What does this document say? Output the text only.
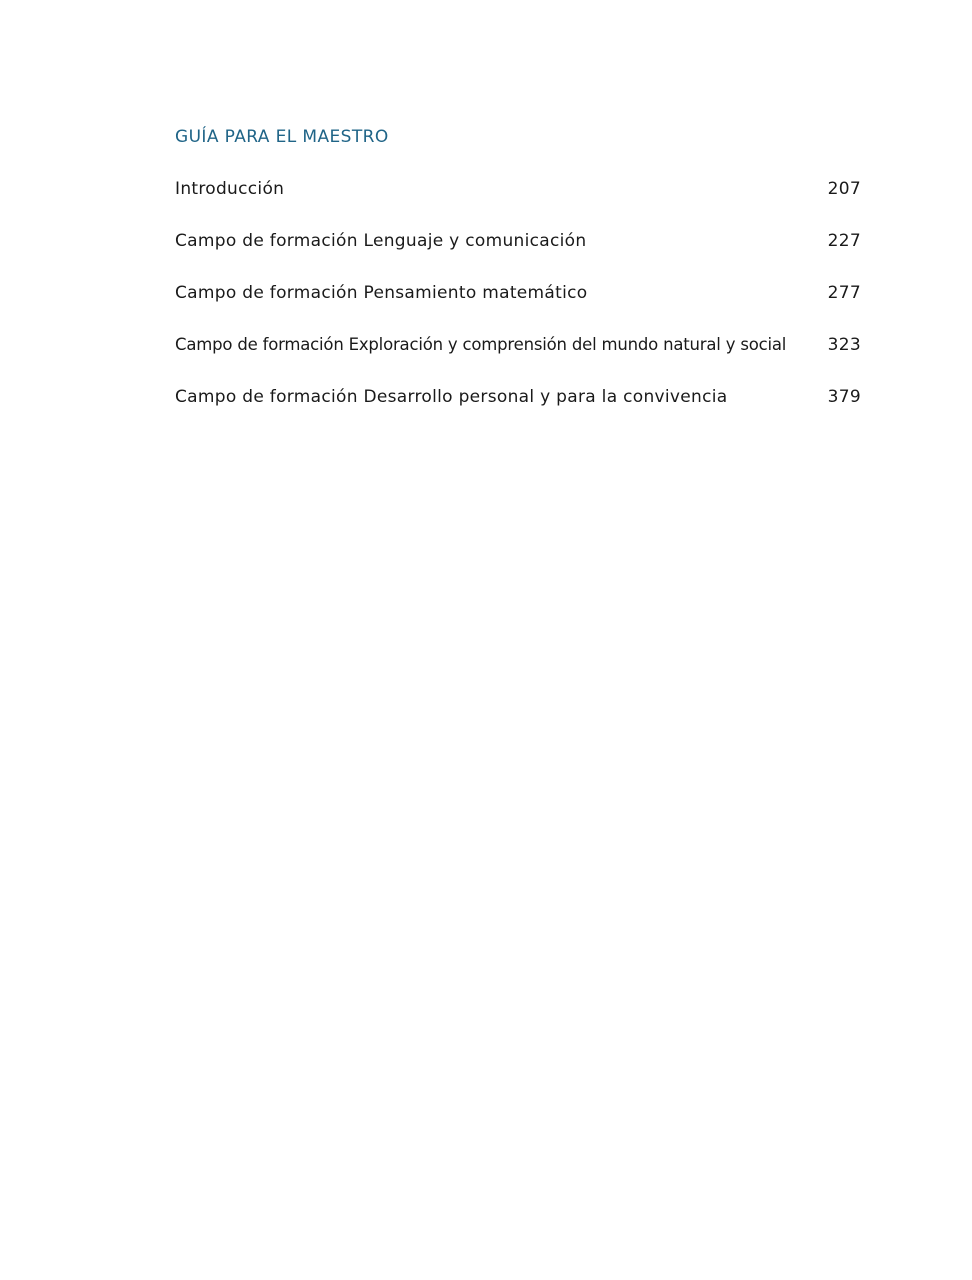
GUÍA PARA EL MAESTRO
Introducción	207
Campo de formación Lenguaje y comunicación	227
Campo de formación Pensamiento matemático	277
Campo de formación Exploración y comprensión del mundo natural y social	323
Campo de formación Desarrollo personal y para la convivencia	379
